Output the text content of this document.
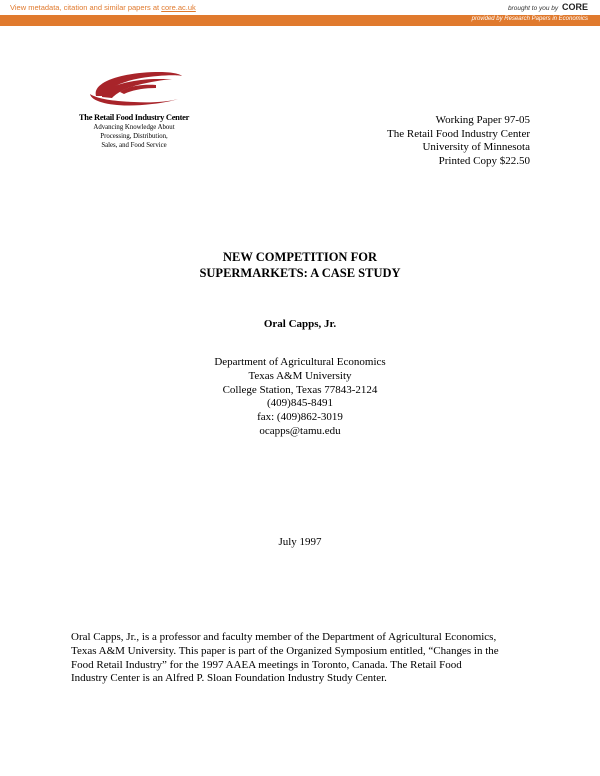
View metadata, citation and similar papers at core.ac.uk	brought to you by CORE
provided by Research Papers in Economics
The Retail Food Industry Center
Advancing Knowledge About
Processing, Distribution,
Sales, and Food Service
Working Paper 97-05
The Retail Food Industry Center
University of Minnesota
Printed Copy $22.50
NEW COMPETITION FOR
SUPERMARKETS: A CASE STUDY
Oral Capps, Jr.
Department of Agricultural Economics
Texas A&M University
College Station, Texas 77843-2124
(409)845-8491
fax: (409)862-3019
ocapps@tamu.edu
July 1997
Oral Capps, Jr., is a professor and faculty member of the Department of Agricultural Economics,
Texas A&M University. This paper is part of the Organized Symposium entitled, “Changes in the
Food Retail Industry” for the 1997 AAEA meetings in Toronto, Canada. The Retail Food
Industry Center is an Alfred P. Sloan Foundation Industry Study Center.
